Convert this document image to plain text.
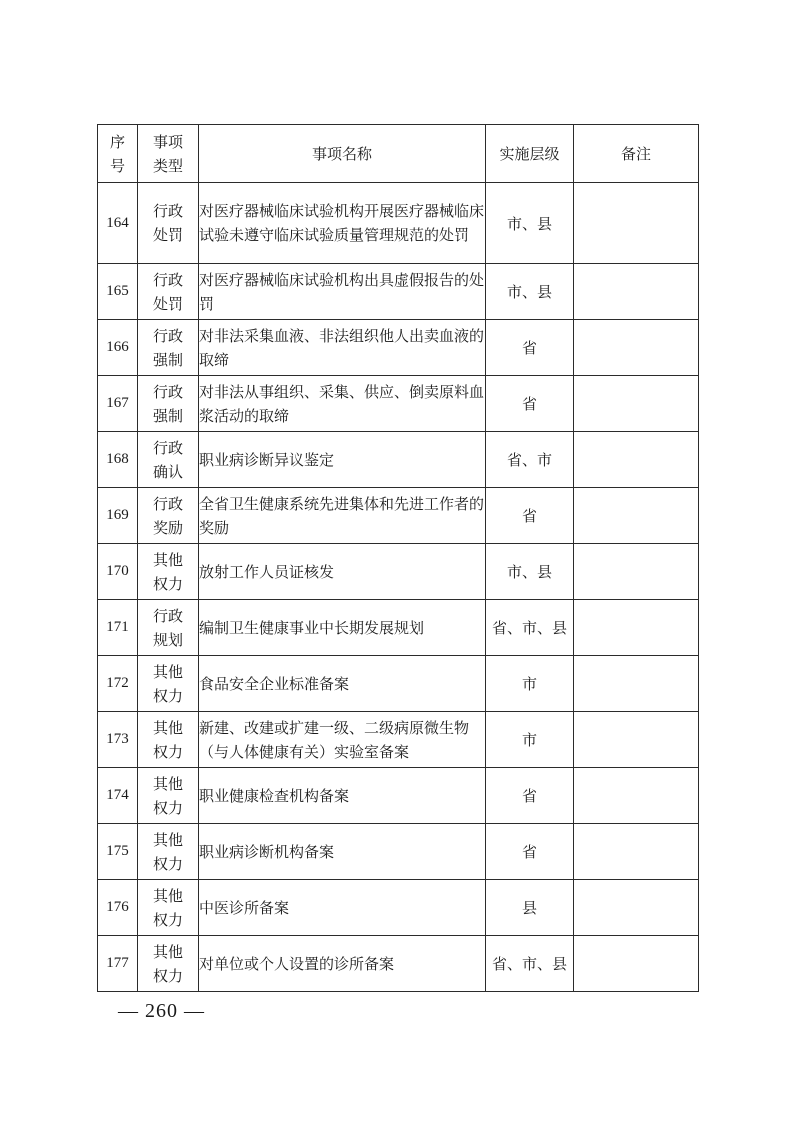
序号	事项类型	事项名称	实施层级	备注
164	行政处罚	对医疗器械临床试验机构开展医疗器械临床试验未遵守临床试验质量管理规范的处罚	市、县	
165	行政处罚	对医疗器械临床试验机构出具虚假报告的处罚	市、县	
166	行政强制	对非法采集血液、非法组织他人出卖血液的取缔	省	
167	行政强制	对非法从事组织、采集、供应、倒卖原料血浆活动的取缔	省	
168	行政确认	职业病诊断异议鉴定	省、市	
169	行政奖励	全省卫生健康系统先进集体和先进工作者的奖励	省	
170	其他权力	放射工作人员证核发	市、县	
171	行政规划	编制卫生健康事业中长期发展规划	省、市、县	
172	其他权力	食品安全企业标准备案	市	
173	其他权力	新建、改建或扩建一级、二级病原微生物（与人体健康有关）实验室备案	市	
174	其他权力	职业健康检查机构备案	省	
175	其他权力	职业病诊断机构备案	省	
176	其他权力	中医诊所备案	县	
177	其他权力	对单位或个人设置的诊所备案	省、市、县	
— 260 —
